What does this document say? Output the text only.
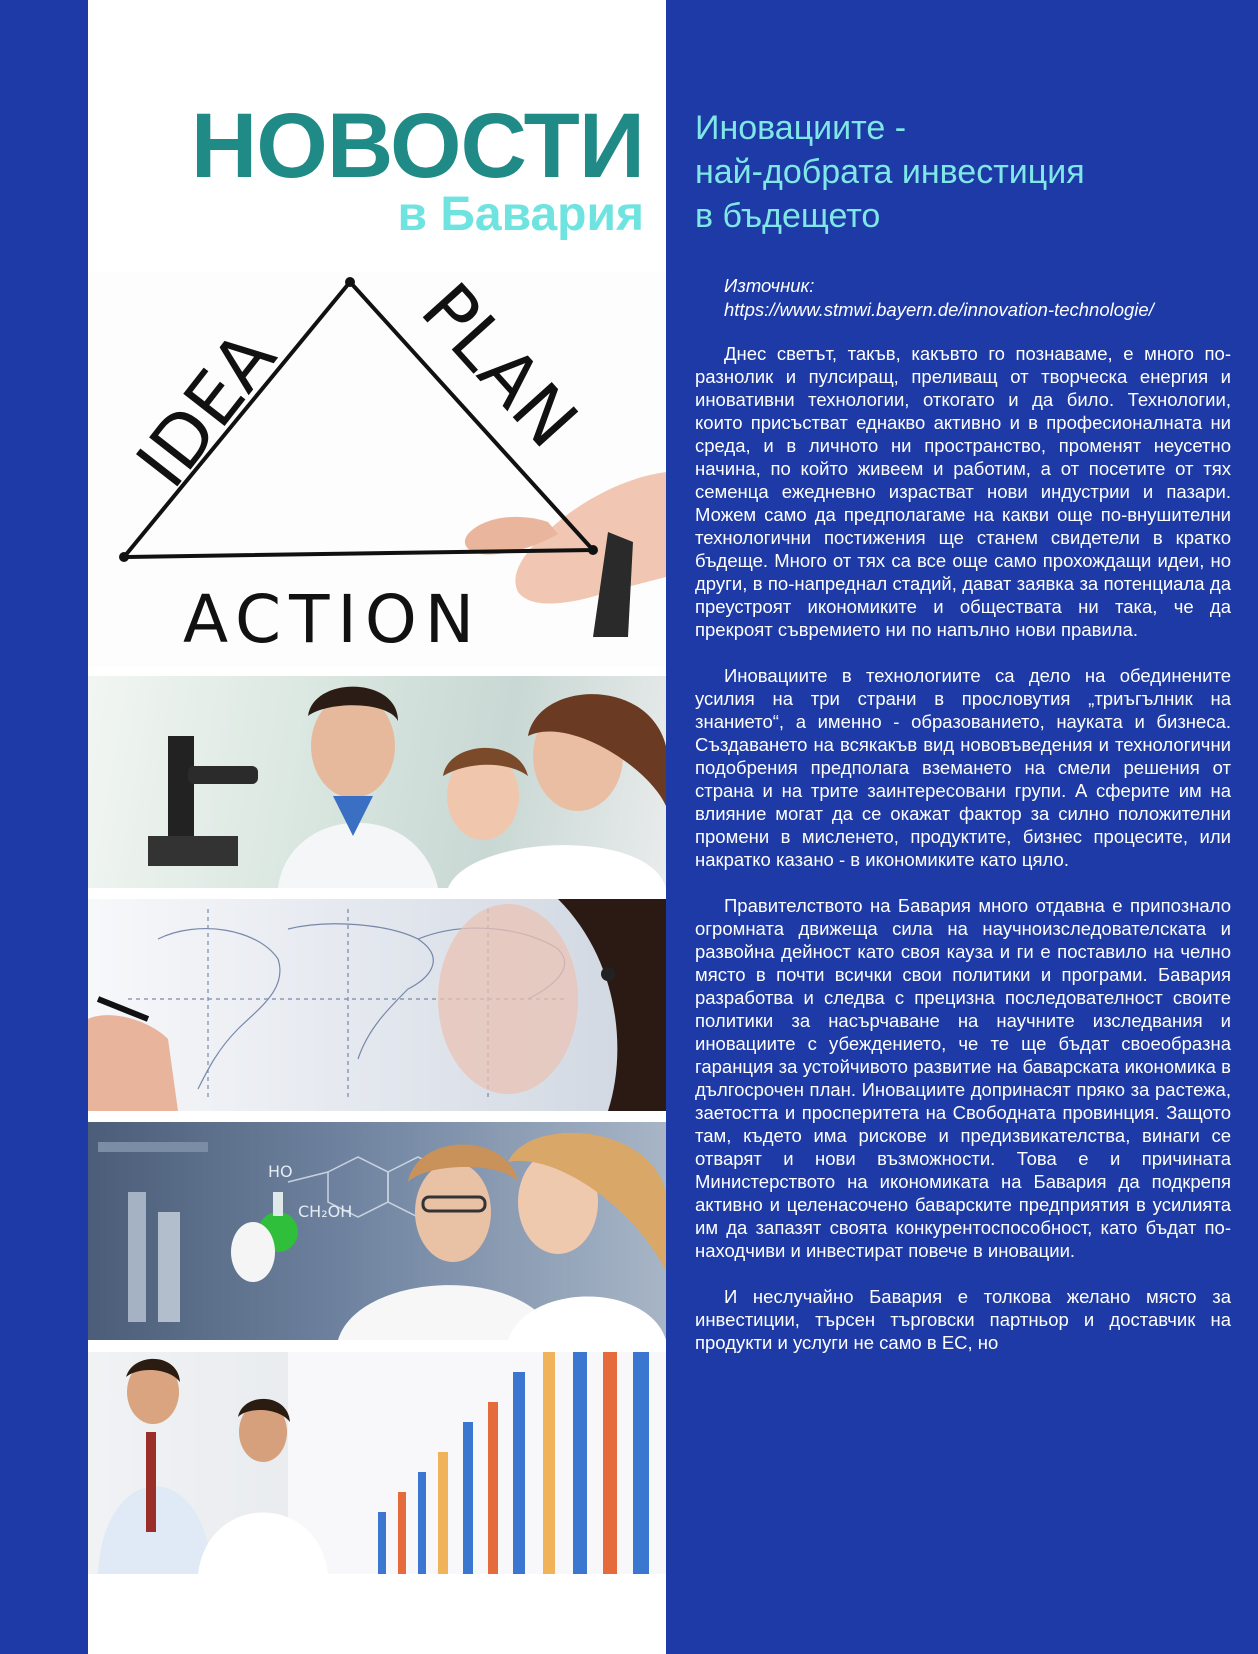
НОВОСТИ
в Бавария
IDEA PLAN
ACTION
HO
CH₂OH
Иновациите -
най-добрата инвестиция
в бъдещето
Източник:
https://www.stmwi.bayern.de/innovation-technologie/

Днес светът, такъв, какъвто го познаваме, е много по-разнолик и пулсиращ, преливащ от творческа енергия и иновативни технологии, откогато и да било. Технологии, които присъстват еднакво активно и в професионалната ни среда, и в личното ни пространство, променят неусетно начина, по който живеем и работим, а от посетите от тях семенца ежедневно израстват нови индустрии и пазари. Можем само да предполагаме на какви още по-внушителни технологични постижения ще станем свидетели в кратко бъдеще. Много от тях са все още само прохождащи идеи, но други, в по-напреднал стадий, дават заявка за потенциала да преустроят икономиките и обществата ни така, че да прекроят съвремието ни по напълно нови правила.

Иновациите в технологиите са дело на обединените усилия на три страни в прословутия „триъгълник на знанието“, а именно - образованието, науката и бизнеса. Създаването на всякакъв вид нововъведения и технологични подобрения предполага вземането на смели решения от страна и на трите заинтересовани групи. А сферите им на влияние могат да се окажат фактор за силно положителни промени в мисленето, продуктите, бизнес процесите, или накратко казано - в икономиките като цяло.

Правителството на Бавария много отдавна е припознало огромната движеща сила на научноизследователската и развойна дейност като своя кауза и ги е поставило на челно място в почти всички свои политики и програми. Бавария разработва и следва с прецизна последователност своите политики за насърчаване на научните изследвания и иновациите с убеждението, че те ще бъдат своеобразна гаранция за устойчивото развитие на баварската икономика в дългосрочен план. Иновациите допринасят пряко за растежа, заетостта и просперитета на Свободната провинция. Защото там, където има рискове и предизвикателства, винаги се отварят и нови възможности. Това е и причината Министерството на икономиката на Бавария да подкрепя активно и целенасочено баварските предприятия в усилията им да запазят своята конкурентоспособност, като бъдат по-находчиви и инвестират повече в иновации.

И неслучайно Бавария е толкова желано място за инвестиции, търсен търговски партньор и доставчик на продукти и услуги не само в ЕС, но
